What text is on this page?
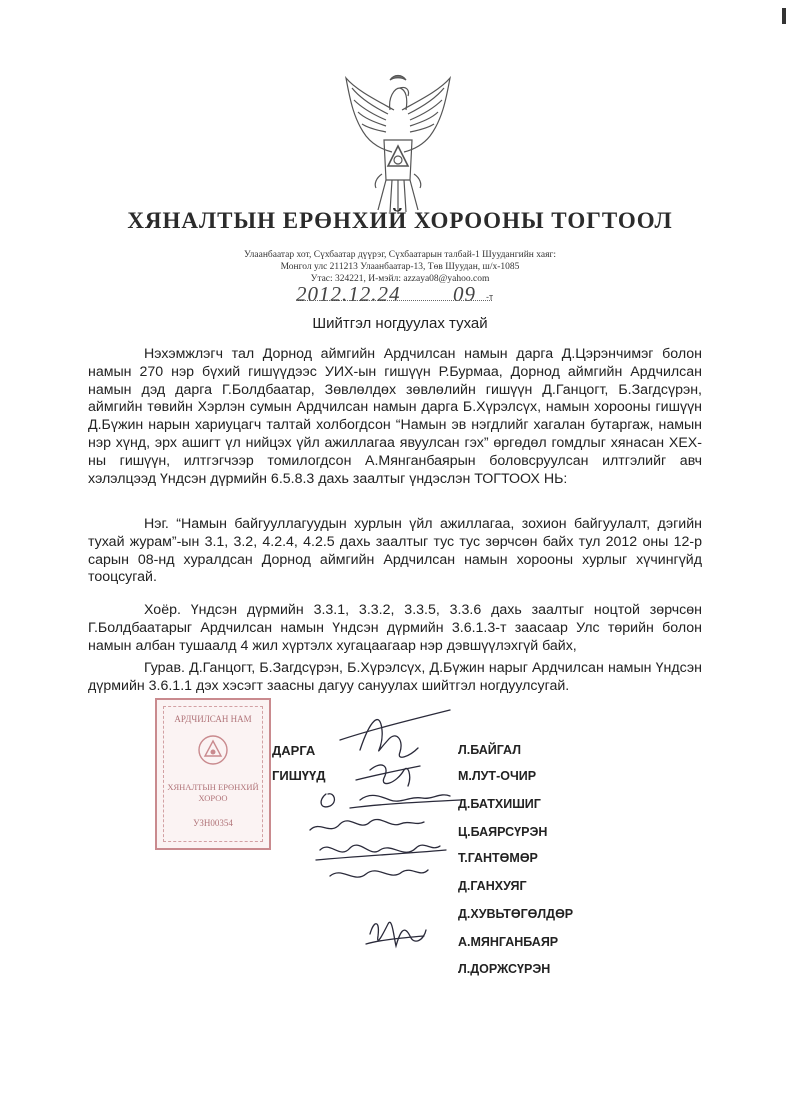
ХЯНАЛТЫН ЕРӨНХИЙ ХОРООНЫ ТОГТООЛ
Улаанбаатар хот, Сүхбаатар дүүрэг, Сүхбаатарын талбай-1 Шуудангийн хаяг:
Монгол улс 211213 Улаанбаатар-13, Төв Шуудан, ш/х-1085
Утас: 324221, И-мэйл: azzaya08@yahoo.com
2012.12.24	09 -т
Шийтгэл ногдуулах тухай
Нэхэмжлэгч тал Дорнод аймгийн Ардчилсан намын дарга Д.Цэрэнчимэг болон намын 270 нэр бүхий гишүүдээс УИХ-ын гишүүн Р.Бурмаа, Дорнод аймгийн Ардчилсан намын дэд дарга Г.Болдбаатар, Зөвлөлдөх зөвлөлийн гишүүн Д.Ганцогт, Б.Загдсүрэн, аймгийн төвийн Хэрлэн сумын Ардчилсан намын дарга Б.Хүрэлсүх, намын хорооны гишүүн Д.Бүжин нарын хариуцагч талтай холбогдсон “Намын эв нэгдлийг хагалан бутаргаж, намын нэр хүнд, эрх ашигт үл нийцэх үйл ажиллагаа явуулсан гэх” өргөдөл гомдлыг хянасан ХЕХ-ны гишүүн, илтгэгчээр томилогдсон А.Мянганбаярын боловсруулсан илтгэлийг авч хэлэлцээд Үндсэн дүрмийн 6.5.8.3 дахь заалтыг үндэслэн ТОГТООХ НЬ:
Нэг. “Намын байгууллагуудын хурлын үйл ажиллагаа, зохион байгуулалт, дэгийн тухай журам”-ын 3.1, 3.2, 4.2.4, 4.2.5 дахь заалтыг тус тус зөрчсөн байх тул 2012 оны 12-р сарын 08-нд хуралдсан Дорнод аймгийн Ардчилсан намын хорооны хурлыг хүчингүйд тооцсугай.
Хоёр. Үндсэн дүрмийн 3.3.1, 3.3.2, 3.3.5, 3.3.6 дахь заалтыг ноцтой зөрчсөн Г.Болдбаатарыг Ардчилсан намын Үндсэн дүрмийн 3.6.1.3-т заасаар Улс төрийн болон намын албан тушаалд 4 жил хүртэлх хугацаагаар нэр дэвшүүлэхгүй байх,
Гурав. Д.Ганцогт, Б.Загдсүрэн, Б.Хүрэлсүх, Д.Бүжин нарыг Ардчилсан намын Үндсэн дүрмийн 3.6.1.1 дэх хэсэгт заасны дагуу сануулах шийтгэл ногдуулсугай.
АРДЧИЛСАН НАМ
ХЯНАЛТЫН ЕРӨНХИЙ
ХОРОО
УЗН00354
ДАРГА
ГИШҮҮД
Л.БАЙГАЛ
М.ЛУТ-ОЧИР
Д.БАТХИШИГ
Ц.БАЯРСҮРЭН
Т.ГАНТӨМӨР
Д.ГАНХУЯГ
Д.ХУВЬТӨГӨЛДӨР
А.МЯНГАНБАЯР
Л.ДОРЖСҮРЭН
